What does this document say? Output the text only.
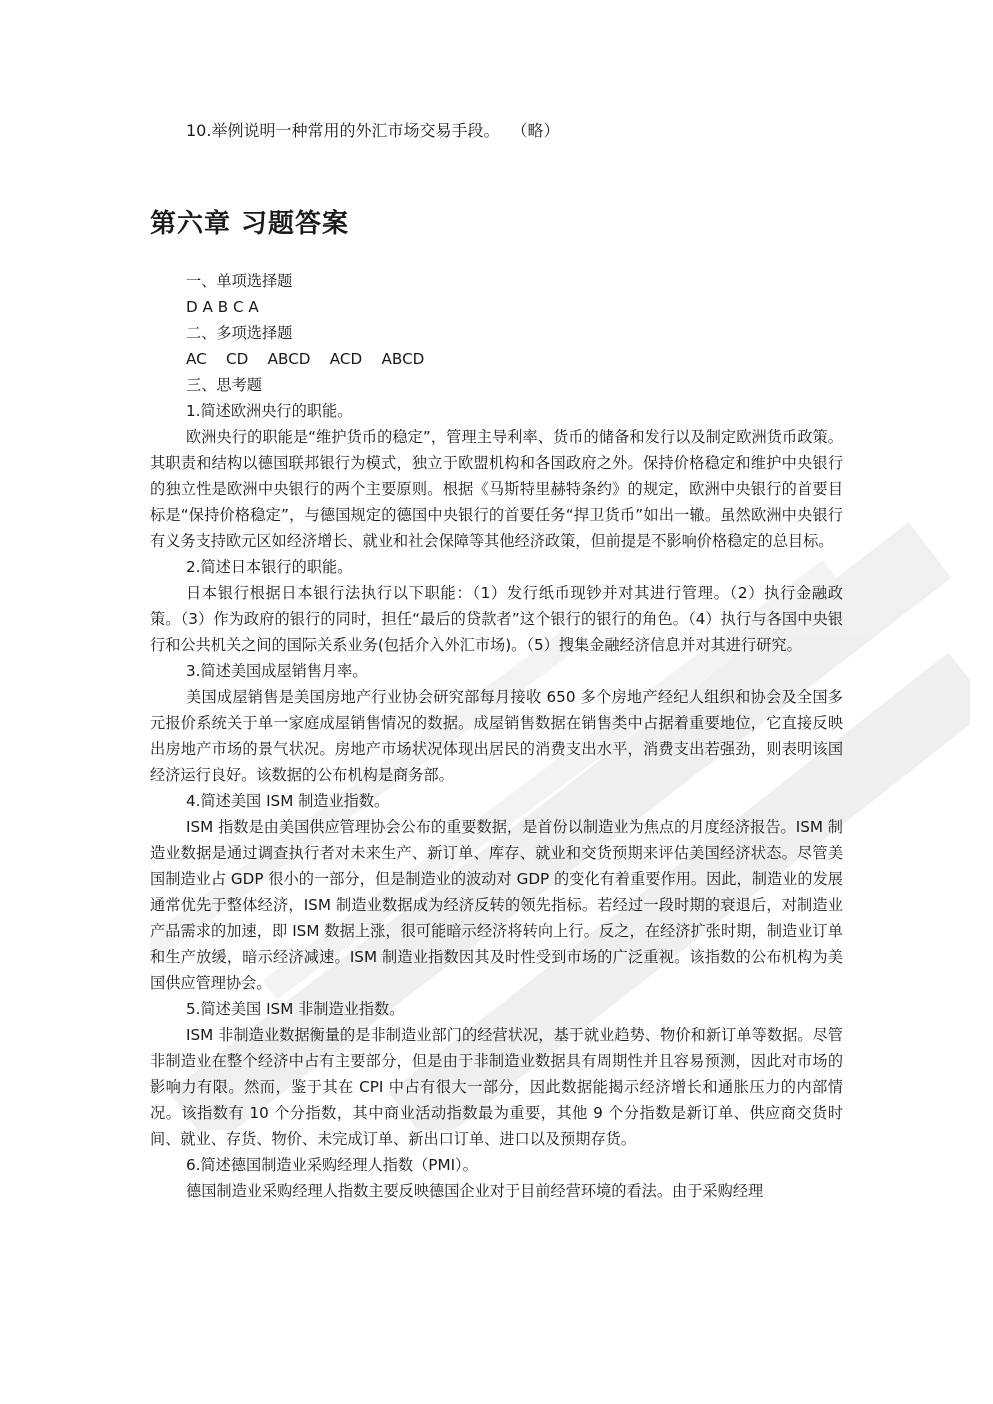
10.举例说明一种常用的外汇市场交易手段。 （略）
第六章 习题答案

一、单项选择题

D A B C A

二、多项选择题

AC    CD    ABCD    ACD    ABCD

三、思考题

1.简述欧洲央行的职能。

欧洲央行的职能是“维护货币的稳定”，管理主导利率、货币的储备和发行以及制定欧洲货币政策。其职责和结构以德国联邦银行为模式，独立于欧盟机构和各国政府之外。保持价格稳定和维护中央银行的独立性是欧洲中央银行的两个主要原则。根据《马斯特里赫特条约》的规定，欧洲中央银行的首要目标是“保持价格稳定”，与德国规定的德国中央银行的首要任务“捍卫货币”如出一辙。虽然欧洲中央银行有义务支持欧元区如经济增长、就业和社会保障等其他经济政策，但前提是不影响价格稳定的总目标。

2.简述日本银行的职能。

日本银行根据日本银行法执行以下职能：（1）发行纸币现钞并对其进行管理。（2）执行金融政策。（3）作为政府的银行的同时，担任“最后的贷款者”这个银行的银行的角色。（4）执行与各国中央银行和公共机关之间的国际关系业务(包括介入外汇市场)。（5）搜集金融经济信息并对其进行研究。

3.简述美国成屋销售月率。

美国成屋销售是美国房地产行业协会研究部每月接收 650 多个房地产经纪人组织和协会及全国多元报价系统关于单一家庭成屋销售情况的数据。成屋销售数据在销售类中占据着重要地位，它直接反映出房地产市场的景气状况。房地产市场状况体现出居民的消费支出水平，消费支出若强劲，则表明该国经济运行良好。该数据的公布机构是商务部。

4.简述美国 ISM 制造业指数。

ISM 指数是由美国供应管理协会公布的重要数据，是首份以制造业为焦点的月度经济报告。ISM 制造业数据是通过调查执行者对未来生产、新订单、库存、就业和交货预期来评估美国经济状态。尽管美国制造业占 GDP 很小的一部分，但是制造业的波动对 GDP 的变化有着重要作用。因此，制造业的发展通常优先于整体经济，ISM 制造业数据成为经济反转的领先指标。若经过一段时期的衰退后，对制造业产品需求的加速，即 ISM 数据上涨，很可能暗示经济将转向上行。反之，在经济扩张时期，制造业订单和生产放缓，暗示经济减速。ISM 制造业指数因其及时性受到市场的广泛重视。该指数的公布机构为美国供应管理协会。

5.简述美国 ISM 非制造业指数。

ISM 非制造业数据衡量的是非制造业部门的经营状况，基于就业趋势、物价和新订单等数据。尽管非制造业在整个经济中占有主要部分，但是由于非制造业数据具有周期性并且容易预测，因此对市场的影响力有限。然而，鉴于其在 CPI 中占有很大一部分，因此数据能揭示经济增长和通胀压力的内部情况。该指数有 10 个分指数，其中商业活动指数最为重要，其他 9 个分指数是新订单、供应商交货时间、就业、存货、物价、未完成订单、新出口订单、进口以及预期存货。

6.简述德国制造业采购经理人指数（PMI）。

德国制造业采购经理人指数主要反映德国企业对于目前经营环境的看法。由于采购经理
